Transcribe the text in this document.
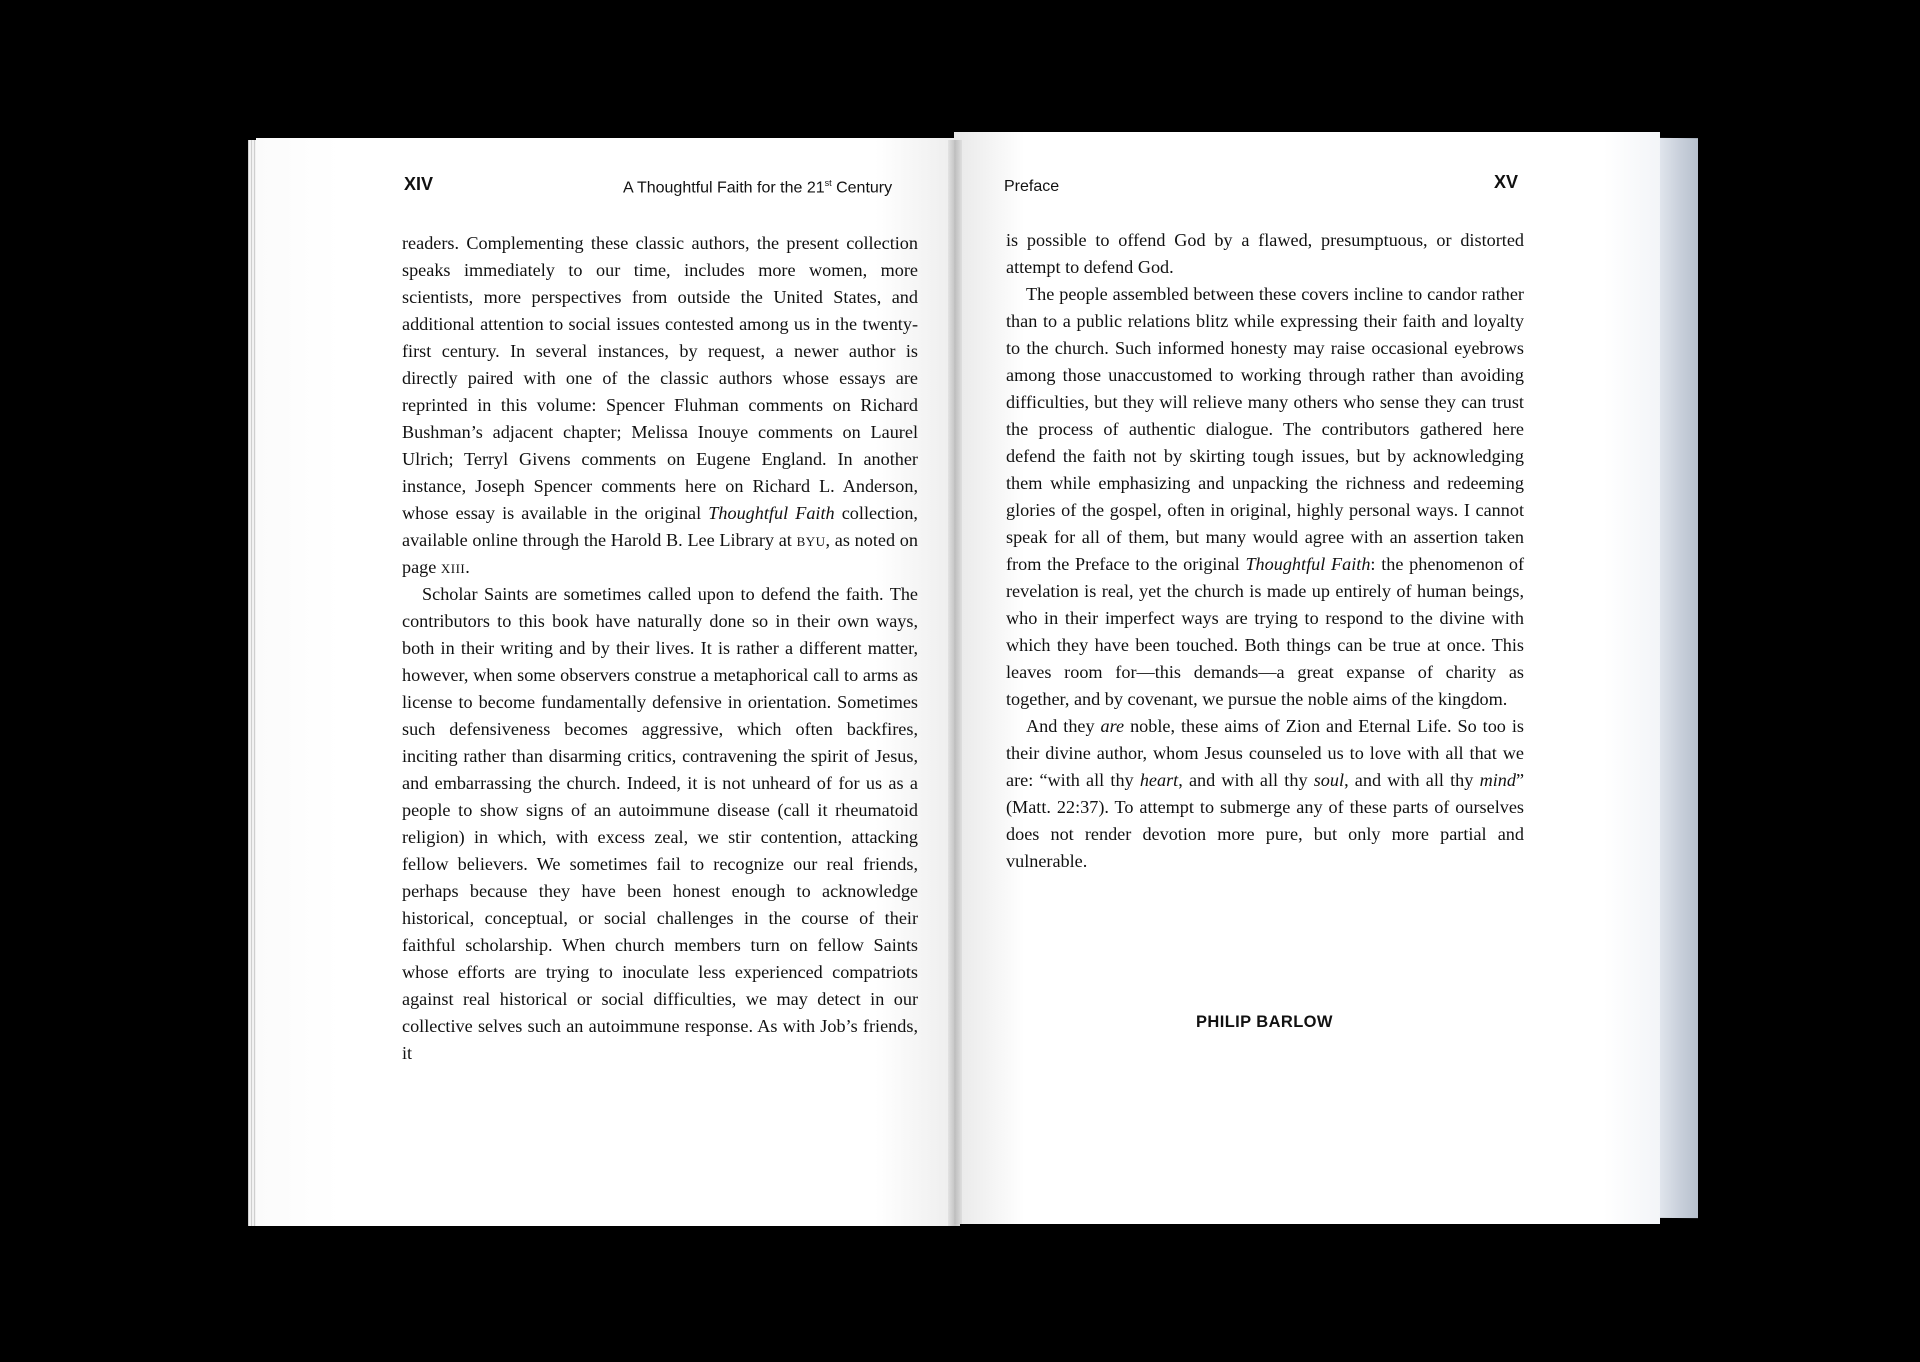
XIV	A Thoughtful Faith for the 21st Century

readers. Complementing these classic authors, the present collection speaks immediately to our time, includes more women, more scientists, more perspectives from outside the United States, and additional attention to social issues contested among us in the twenty-first century. In several instances, by request, a newer author is directly paired with one of the classic authors whose essays are reprinted in this volume: Spencer Fluhman comments on Richard Bushman’s adjacent chapter; Melissa Inouye comments on Laurel Ulrich; Terryl Givens comments on Eugene England. In another instance, Joseph Spencer comments here on Richard L. Anderson, whose essay is available in the original Thoughtful Faith collection, available online through the Harold B. Lee Library at byu, as noted on page xiii.

Scholar Saints are sometimes called upon to defend the faith. The contributors to this book have naturally done so in their own ways, both in their writing and by their lives. It is rather a different matter, however, when some observers construe a metaphorical call to arms as license to become fundamentally defensive in orientation. Sometimes such defensiveness becomes aggressive, which often backfires, inciting rather than disarming critics, contravening the spirit of Jesus, and embarrassing the church. Indeed, it is not unheard of for us as a people to show signs of an autoimmune disease (call it rheumatoid religion) in which, with excess zeal, we stir contention, attacking fellow believers. We sometimes fail to recognize our real friends, perhaps because they have been honest enough to acknowledge historical, conceptual, or social challenges in the course of their faithful scholarship. When church members turn on fellow Saints whose efforts are trying to inoculate less experienced compatriots against real historical or social difficulties, we may detect in our collective selves such an autoimmune response. As with Job’s friends, it

Preface	XV

is possible to offend God by a flawed, presumptuous, or distorted attempt to defend God.

The people assembled between these covers incline to candor rather than to a public relations blitz while expressing their faith and loyalty to the church. Such informed honesty may raise occasional eyebrows among those unaccustomed to working through rather than avoiding difficulties, but they will relieve many others who sense they can trust the process of authentic dialogue. The contributors gathered here defend the faith not by skirting tough issues, but by acknowledging them while emphasizing and unpacking the richness and redeeming glories of the gospel, often in original, highly personal ways. I cannot speak for all of them, but many would agree with an assertion taken from the Preface to the original Thoughtful Faith: the phenomenon of revelation is real, yet the church is made up entirely of human beings, who in their imperfect ways are trying to respond to the divine with which they have been touched. Both things can be true at once. This leaves room for—this demands—a great expanse of charity as together, and by covenant, we pursue the noble aims of the kingdom.

And they are noble, these aims of Zion and Eternal Life. So too is their divine author, whom Jesus counseled us to love with all that we are: “with all thy heart, and with all thy soul, and with all thy mind” (Matt. 22:37). To attempt to submerge any of these parts of ourselves does not render devotion more pure, but only more partial and vulnerable.

PHILIP BARLOW
